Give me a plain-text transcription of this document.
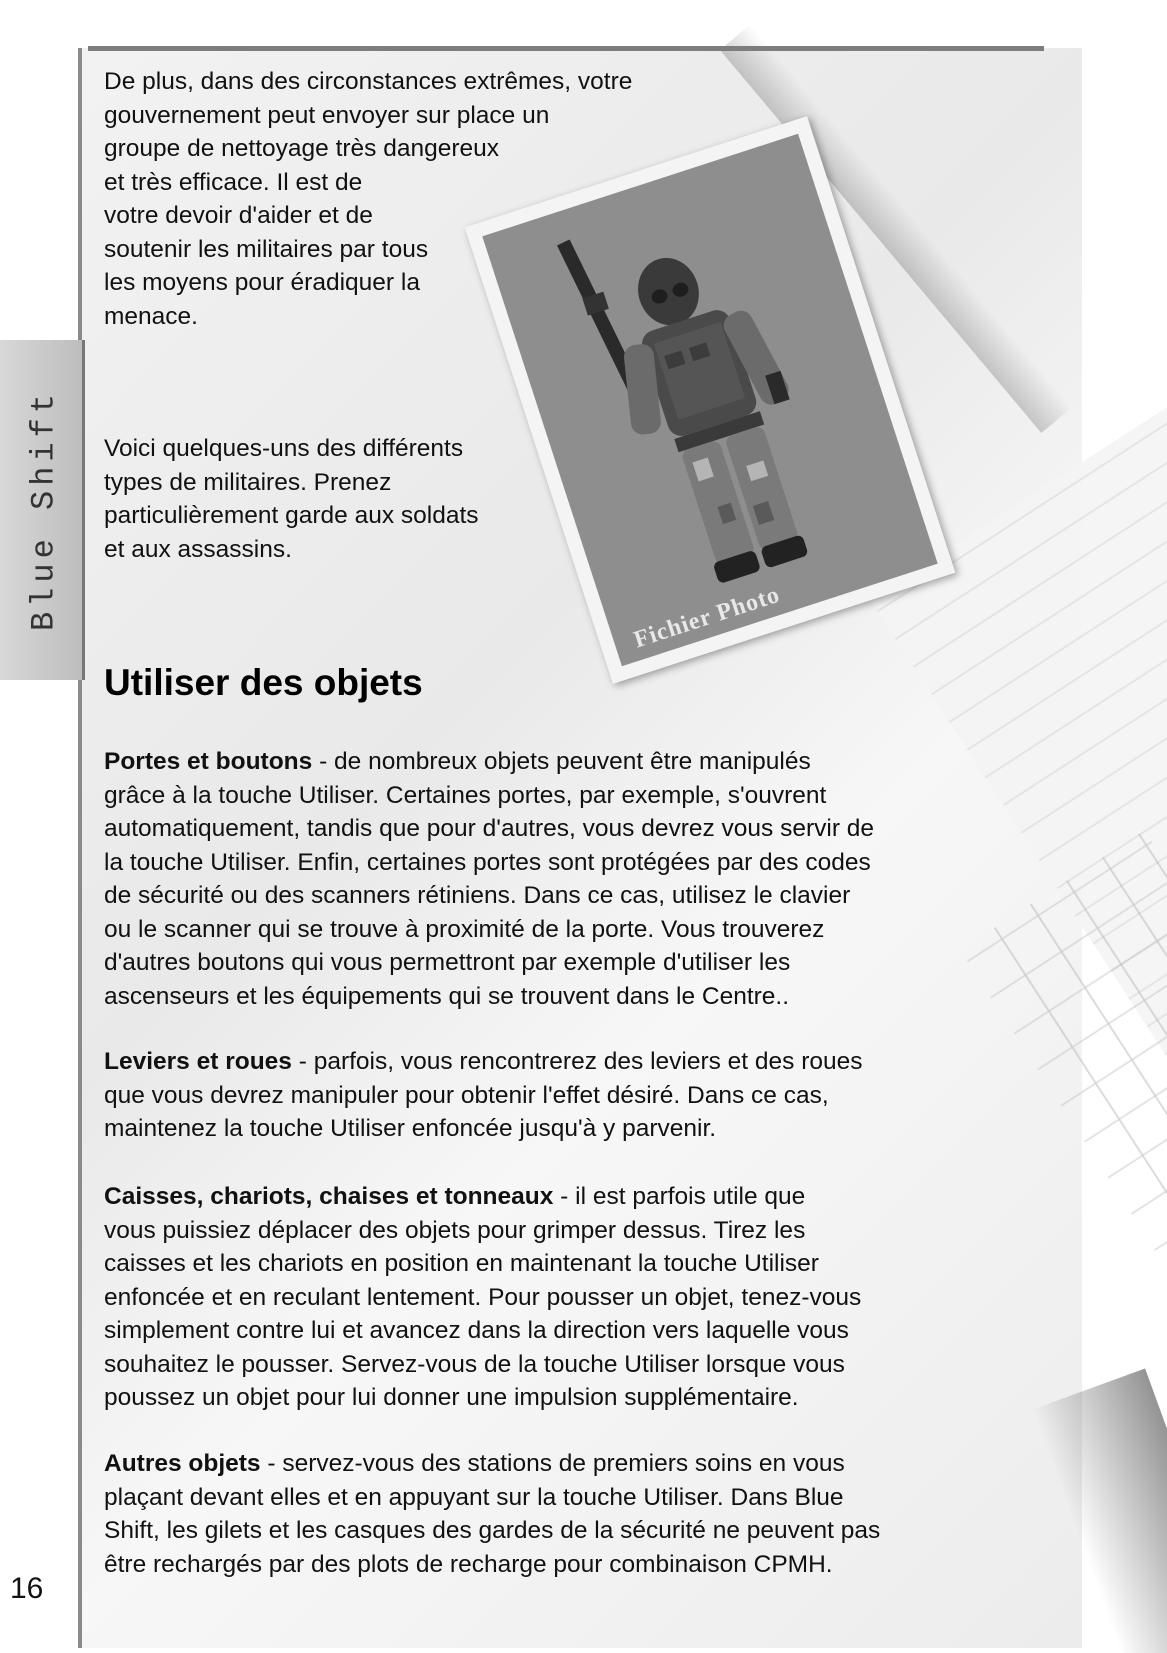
Blue Shift
De plus, dans des circonstances extrêmes, votre
gouvernement peut envoyer sur place un
groupe de nettoyage très dangereux
et très efficace. Il est de
votre devoir d'aider et de
soutenir les militaires par tous
les moyens pour éradiquer la
menace.
Voici quelques-uns des différents
types de militaires. Prenez
particulièrement garde aux soldats
et aux assassins.
Fichier Photo
Utiliser des objets
Portes et boutons - de nombreux objets peuvent être manipulés
grâce à la touche Utiliser. Certaines portes, par exemple, s'ouvrent
automatiquement, tandis que pour d'autres, vous devrez vous servir de
la touche Utiliser. Enfin, certaines portes sont protégées par des codes
de sécurité ou des scanners rétiniens. Dans ce cas, utilisez le clavier
ou le scanner qui se trouve à proximité de la porte. Vous trouverez
d'autres boutons qui vous permettront par exemple d'utiliser les
ascenseurs et les équipements qui se trouvent dans le Centre..
Leviers et roues - parfois, vous rencontrerez des leviers et des roues
que vous devrez manipuler pour obtenir l'effet désiré. Dans ce cas,
maintenez la touche Utiliser enfoncée jusqu'à y parvenir.
Caisses, chariots, chaises et tonneaux - il est parfois utile que
vous puissiez déplacer des objets pour grimper dessus. Tirez les
caisses et les chariots en position en maintenant la touche Utiliser
enfoncée et en reculant lentement. Pour pousser un objet, tenez-vous
simplement contre lui et avancez dans la direction vers laquelle vous
souhaitez le pousser. Servez-vous de la touche Utiliser lorsque vous
poussez un objet pour lui donner une impulsion supplémentaire.
Autres objets - servez-vous des stations de premiers soins en vous
plaçant devant elles et en appuyant sur la touche Utiliser. Dans Blue
Shift, les gilets et les casques des gardes de la sécurité ne peuvent pas
être rechargés par des plots de recharge pour combinaison CPMH.
16
